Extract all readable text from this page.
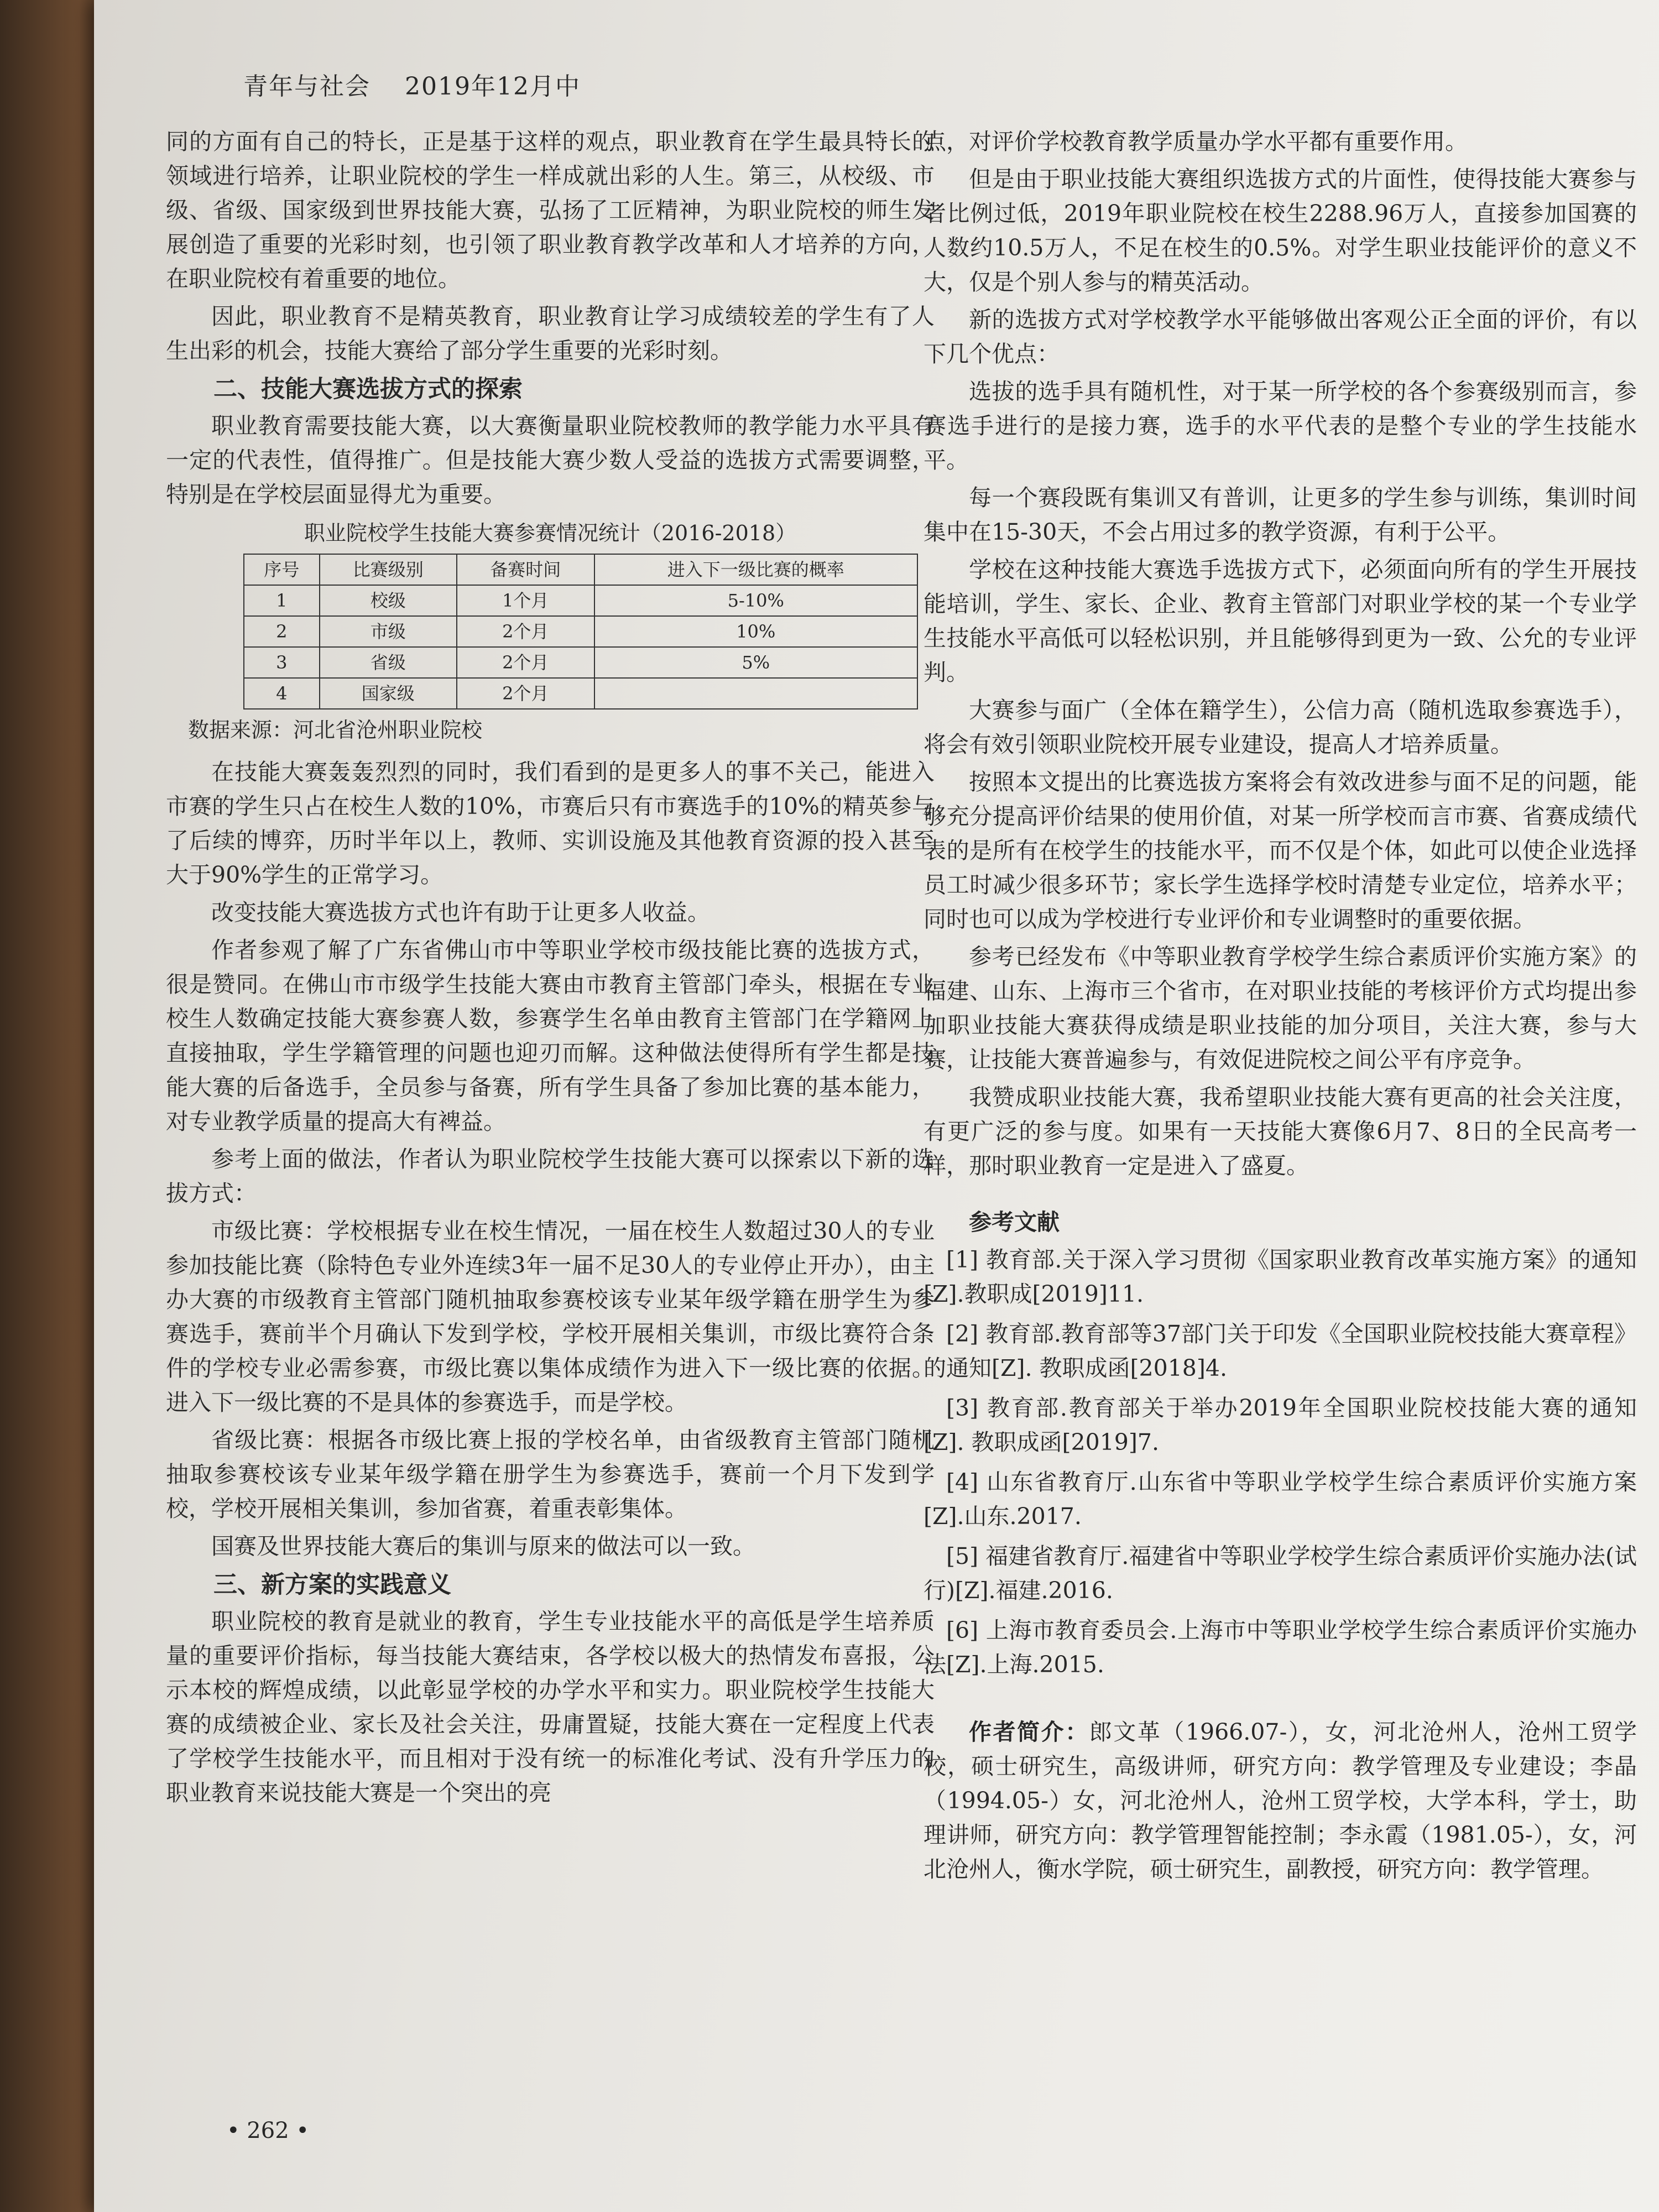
青年与社会 2019年12月中

同的方面有自己的特长，正是基于这样的观点，职业教育在学生最具特长的领域进行培养，让职业院校的学生一样成就出彩的人生。第三，从校级、市级、省级、国家级到世界技能大赛，弘扬了工匠精神，为职业院校的师生发展创造了重要的光彩时刻，也引领了职业教育教学改革和人才培养的方向，在职业院校有着重要的地位。

因此，职业教育不是精英教育，职业教育让学习成绩较差的学生有了人生出彩的机会，技能大赛给了部分学生重要的光彩时刻。

二、技能大赛选拔方式的探索

职业教育需要技能大赛，以大赛衡量职业院校教师的教学能力水平具有一定的代表性，值得推广。但是技能大赛少数人受益的选拔方式需要调整，特别是在学校层面显得尤为重要。

职业院校学生技能大赛参赛情况统计（2016-2018）
序号	比赛级别	备赛时间	进入下一级比赛的概率
1	校级	1个月	5-10%
2	市级	2个月	10%
3	省级	2个月	5%
4	国家级	2个月	
数据来源：河北省沧州职业院校

在技能大赛轰轰烈烈的同时，我们看到的是更多人的事不关己，能进入市赛的学生只占在校生人数的10%，市赛后只有市赛选手的10%的精英参与了后续的博弈，历时半年以上，教师、实训设施及其他教育资源的投入甚至大于90%学生的正常学习。

改变技能大赛选拔方式也许有助于让更多人收益。

作者参观了解了广东省佛山市中等职业学校市级技能比赛的选拔方式，很是赞同。在佛山市市级学生技能大赛由市教育主管部门牵头，根据在专业校生人数确定技能大赛参赛人数，参赛学生名单由教育主管部门在学籍网上直接抽取，学生学籍管理的问题也迎刃而解。这种做法使得所有学生都是技能大赛的后备选手，全员参与备赛，所有学生具备了参加比赛的基本能力，对专业教学质量的提高大有裨益。

参考上面的做法，作者认为职业院校学生技能大赛可以探索以下新的选拔方式：

市级比赛：学校根据专业在校生情况，一届在校生人数超过30人的专业参加技能比赛（除特色专业外连续3年一届不足30人的专业停止开办），由主办大赛的市级教育主管部门随机抽取参赛校该专业某年级学籍在册学生为参赛选手，赛前半个月确认下发到学校，学校开展相关集训，市级比赛符合条件的学校专业必需参赛，市级比赛以集体成绩作为进入下一级比赛的依据。进入下一级比赛的不是具体的参赛选手，而是学校。

省级比赛：根据各市级比赛上报的学校名单，由省级教育主管部门随机抽取参赛校该专业某年级学籍在册学生为参赛选手，赛前一个月下发到学校，学校开展相关集训，参加省赛，着重表彰集体。

国赛及世界技能大赛后的集训与原来的做法可以一致。

三、新方案的实践意义

职业院校的教育是就业的教育，学生专业技能水平的高低是学生培养质量的重要评价指标，每当技能大赛结束，各学校以极大的热情发布喜报，公示本校的辉煌成绩，以此彰显学校的办学水平和实力。职业院校学生技能大赛的成绩被企业、家长及社会关注，毋庸置疑，技能大赛在一定程度上代表了学校学生技能水平，而且相对于没有统一的标准化考试、没有升学压力的职业教育来说技能大赛是一个突出的亮

点，对评价学校教育教学质量办学水平都有重要作用。

但是由于职业技能大赛组织选拔方式的片面性，使得技能大赛参与者比例过低，2019年职业院校在校生2288.96万人，直接参加国赛的人数约10.5万人，不足在校生的0.5%。对学生职业技能评价的意义不大，仅是个别人参与的精英活动。

新的选拔方式对学校教学水平能够做出客观公正全面的评价，有以下几个优点：

选拔的选手具有随机性，对于某一所学校的各个参赛级别而言，参赛选手进行的是接力赛，选手的水平代表的是整个专业的学生技能水平。

每一个赛段既有集训又有普训，让更多的学生参与训练，集训时间集中在15-30天，不会占用过多的教学资源，有利于公平。

学校在这种技能大赛选手选拔方式下，必须面向所有的学生开展技能培训，学生、家长、企业、教育主管部门对职业学校的某一个专业学生技能水平高低可以轻松识别，并且能够得到更为一致、公允的专业评判。

大赛参与面广（全体在籍学生），公信力高（随机选取参赛选手），将会有效引领职业院校开展专业建设，提高人才培养质量。

按照本文提出的比赛选拔方案将会有效改进参与面不足的问题，能够充分提高评价结果的使用价值，对某一所学校而言市赛、省赛成绩代表的是所有在校学生的技能水平，而不仅是个体，如此可以使企业选择员工时减少很多环节；家长学生选择学校时清楚专业定位，培养水平；同时也可以成为学校进行专业评价和专业调整时的重要依据。

参考已经发布《中等职业教育学校学生综合素质评价实施方案》的福建、山东、上海市三个省市，在对职业技能的考核评价方式均提出参加职业技能大赛获得成绩是职业技能的加分项目，关注大赛，参与大赛，让技能大赛普遍参与，有效促进院校之间公平有序竞争。

我赞成职业技能大赛，我希望职业技能大赛有更高的社会关注度，有更广泛的参与度。如果有一天技能大赛像6月7、8日的全民高考一样，那时职业教育一定是进入了盛夏。

参考文献

[1] 教育部.关于深入学习贯彻《国家职业教育改革实施方案》的通知[Z].教职成[2019]11.

[2] 教育部.教育部等37部门关于印发《全国职业院校技能大赛章程》的通知[Z]. 教职成函[2018]4.

[3] 教育部.教育部关于举办2019年全国职业院校技能大赛的通知 [Z]. 教职成函[2019]7.

[4] 山东省教育厅.山东省中等职业学校学生综合素质评价实施方案[Z].山东.2017.

[5] 福建省教育厅.福建省中等职业学校学生综合素质评价实施办法(试行)[Z].福建.2016.

[6] 上海市教育委员会.上海市中等职业学校学生综合素质评价实施办法[Z].上海.2015.

作者简介：郎文革（1966.07-），女，河北沧州人，沧州工贸学校，硕士研究生，高级讲师，研究方向：教学管理及专业建设；李晶（1994.05-）女，河北沧州人，沧州工贸学校，大学本科，学士，助理讲师，研究方向：教学管理智能控制；李永霞（1981.05-），女，河北沧州人，衡水学院，硕士研究生，副教授，研究方向：教学管理。

• 262 •
